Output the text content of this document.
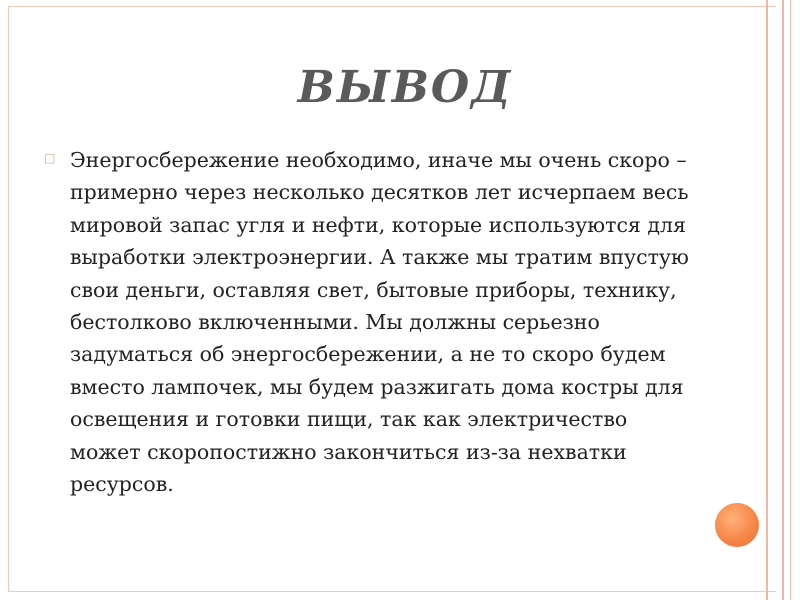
ВЫВОД
□ Энергосбережение необходимо, иначе мы очень скоро – примерно через несколько десятков лет исчерпаем весь мировой запас угля и нефти, которые используются для выработки электроэнергии. А также мы тратим впустую свои деньги, оставляя свет, бытовые приборы, технику, бестолково включенными. Мы должны серьезно задуматься об энергосбережении, а не то скоро будем вместо лампочек, мы будем разжигать дома костры для освещения и готовки пищи, так как электричество может скоропостижно закончиться из-за нехватки ресурсов.
